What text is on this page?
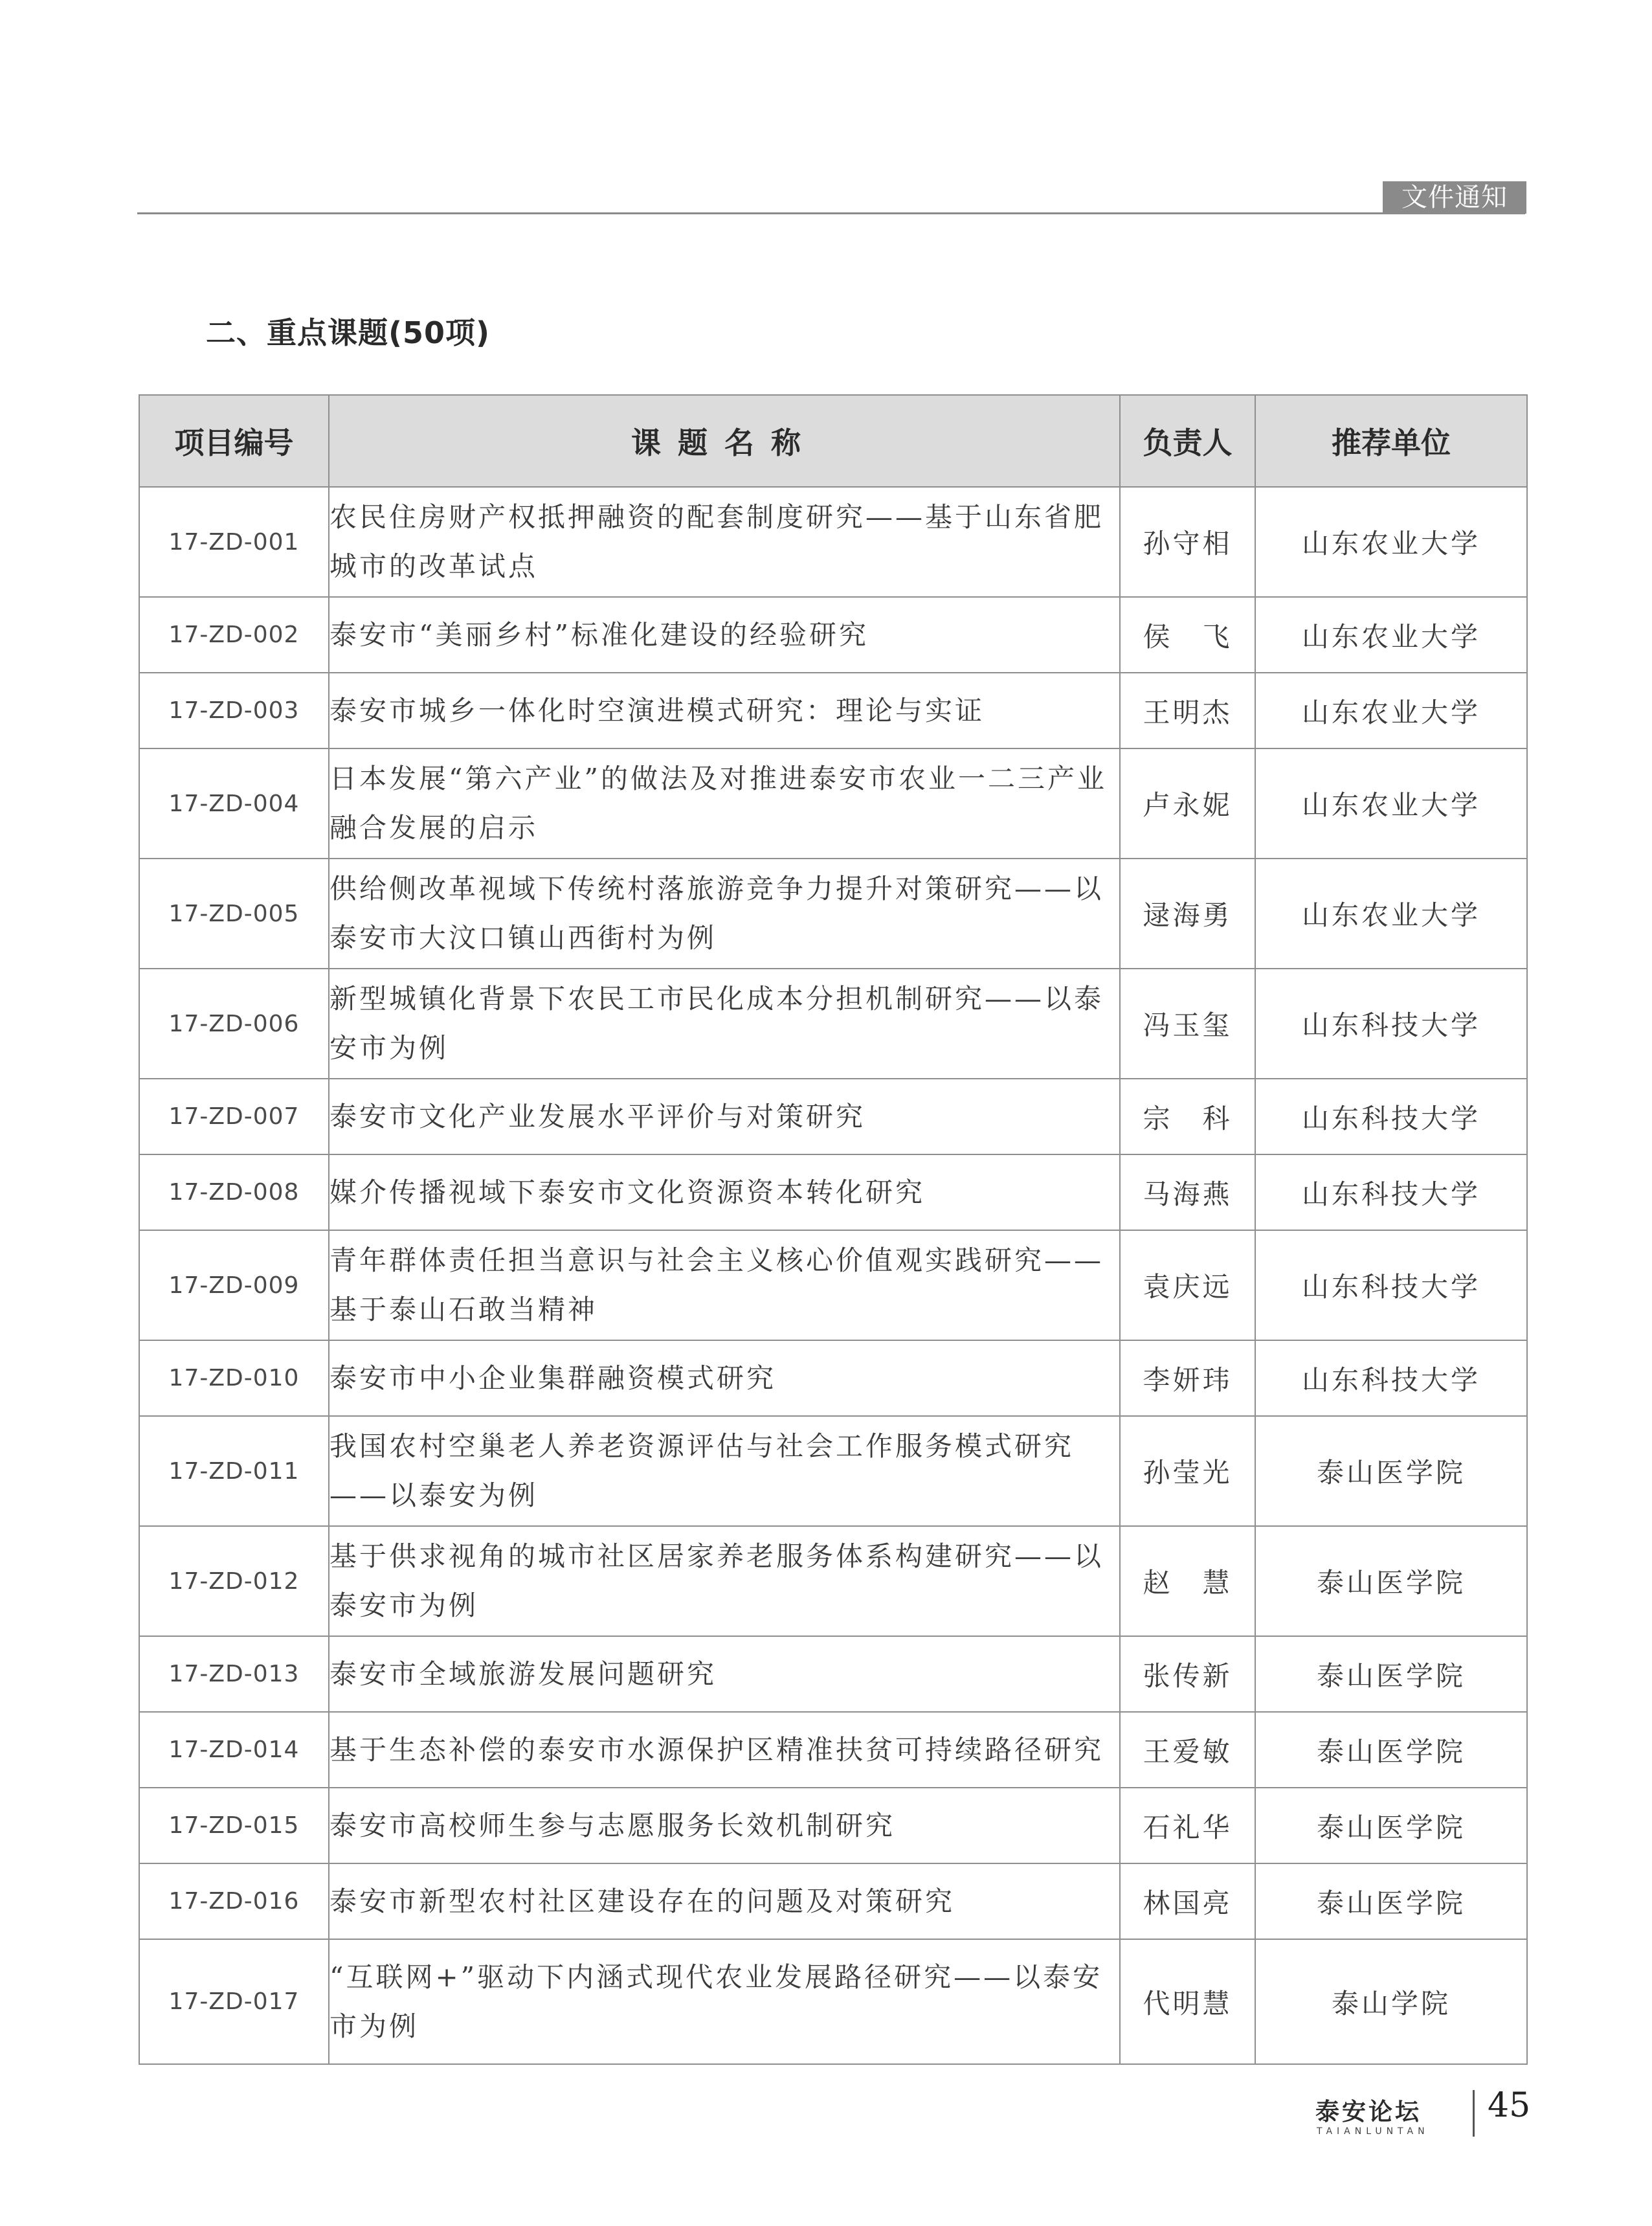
文件通知
二、重点课题(50项)
项目编号	课题名称	负责人	推荐单位
17-ZD-001	农民住房财产权抵押融资的配套制度研究——基于山东省肥城市的改革试点	孙守相	山东农业大学
17-ZD-002	泰安市“美丽乡村”标准化建设的经验研究	侯　飞	山东农业大学
17-ZD-003	泰安市城乡一体化时空演进模式研究：理论与实证	王明杰	山东农业大学
17-ZD-004	日本发展“第六产业”的做法及对推进泰安市农业一二三产业融合发展的启示	卢永妮	山东农业大学
17-ZD-005	供给侧改革视域下传统村落旅游竞争力提升对策研究——以泰安市大汶口镇山西街村为例	逯海勇	山东农业大学
17-ZD-006	新型城镇化背景下农民工市民化成本分担机制研究——以泰安市为例	冯玉玺	山东科技大学
17-ZD-007	泰安市文化产业发展水平评价与对策研究	宗　科	山东科技大学
17-ZD-008	媒介传播视域下泰安市文化资源资本转化研究	马海燕	山东科技大学
17-ZD-009	青年群体责任担当意识与社会主义核心价值观实践研究——基于泰山石敢当精神	袁庆远	山东科技大学
17-ZD-010	泰安市中小企业集群融资模式研究	李妍玮	山东科技大学
17-ZD-011	我国农村空巢老人养老资源评估与社会工作服务模式研究——以泰安为例	孙莹光	泰山医学院
17-ZD-012	基于供求视角的城市社区居家养老服务体系构建研究——以泰安市为例	赵　慧	泰山医学院
17-ZD-013	泰安市全域旅游发展问题研究	张传新	泰山医学院
17-ZD-014	基于生态补偿的泰安市水源保护区精准扶贫可持续路径研究	王爱敏	泰山医学院
17-ZD-015	泰安市高校师生参与志愿服务长效机制研究	石礼华	泰山医学院
17-ZD-016	泰安市新型农村社区建设存在的问题及对策研究	林国亮	泰山医学院
17-ZD-017	“互联网+”驱动下内涵式现代农业发展路径研究——以泰安市为例	代明慧	泰山学院
泰安论坛
TAIANLUNTAN
45
